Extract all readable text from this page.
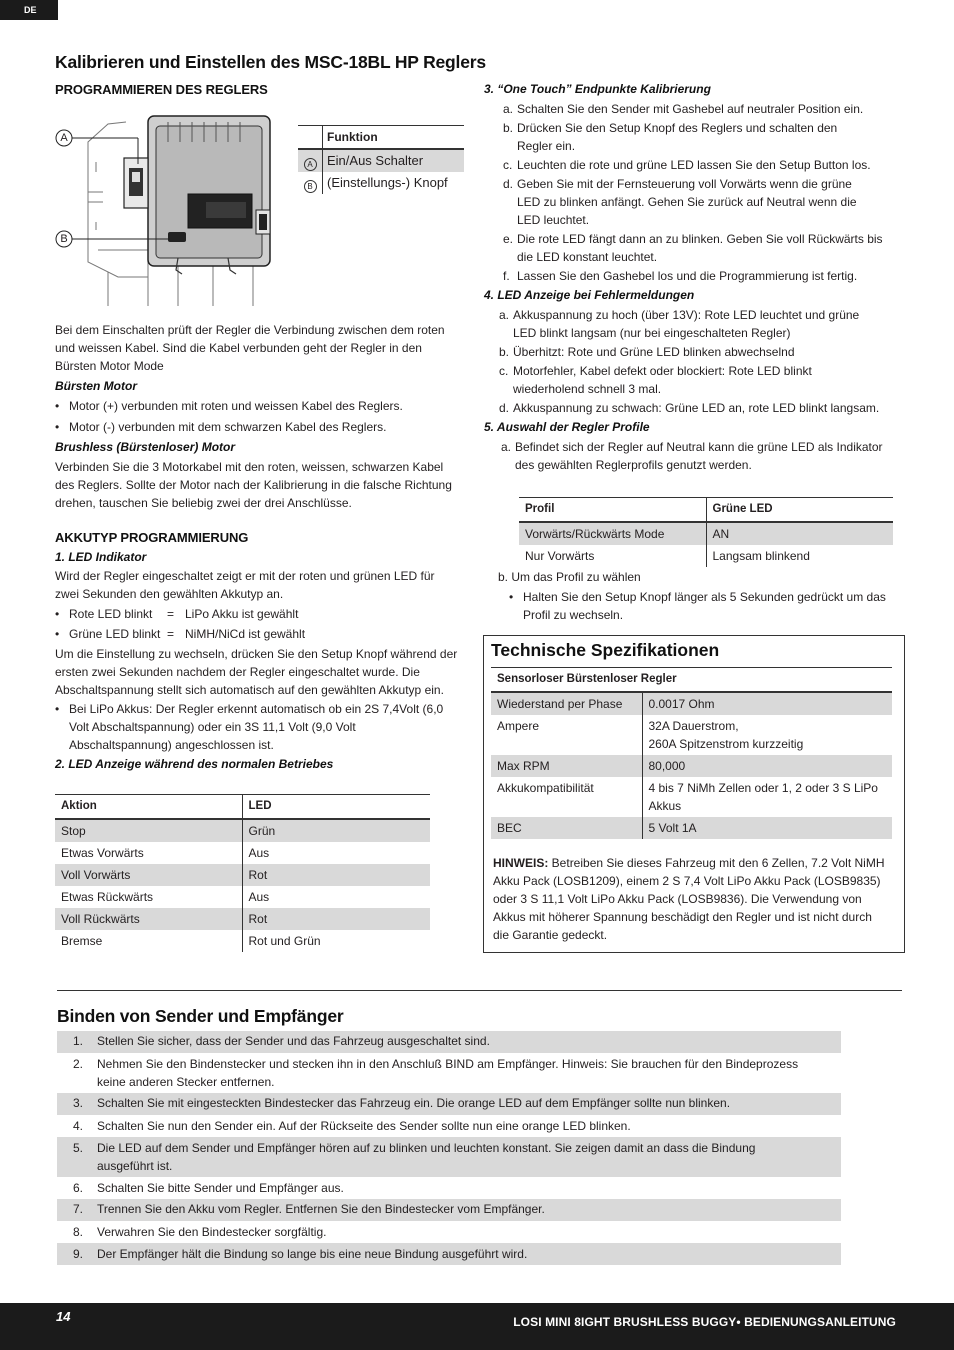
DE
Kalibrieren und Einstellen des MSC-18BL HP Reglers
PROGRAMMIEREN DES REGLERS
A
B
Funktion
A	Ein/Aus Schalter
B	(Einstellungs-) Knopf

Bei dem Einschalten prüft der Regler die Verbindung zwischen dem roten und weissen Kabel. Sind die Kabel verbunden geht der Regler in den Bürsten Motor Mode

Bürsten Motor

• Motor (+) verbunden mit roten und weissen Kabel des Reglers.

• Motor (-) verbunden mit dem schwarzen Kabel des Reglers.

Brushless (Bürstenloser) Motor

Verbinden Sie die 3 Motorkabel mit den roten, weissen, schwarzen Kabel des Reglers. Sollte der Motor nach der Kalibrierung in die falsche Richtung drehen, tauschen Sie beliebig zwei der drei Anschlüsse.

AKKUTYP PROGRAMMIERUNG
1. LED Indikator

Wird der Regler eingeschaltet zeigt er mit der roten und grünen LED für zwei Sekunden den gewählten Akkutyp an.

• Rote LED blinkt = LiPo Akku ist gewählt

• Grüne LED blinkt = NiMH/NiCd ist gewählt

Um die Einstellung zu wechseln, drücken Sie den Setup Knopf während der ersten zwei Sekunden nachdem der Regler eingeschaltet wurde. Die Abschaltspannung stellt sich automatisch auf den gewählten Akkutyp ein.

• Bei LiPo Akkus: Der Regler erkennt automatisch ob ein 2S 7,4Volt (6,0 Volt Abschaltspannung) oder ein 3S 11,1 Volt (9,0 Volt Abschaltspannung) angeschlossen ist.

2. LED Anzeige während des normalen Betriebes
Aktion	LED
Stop	Grün
Etwas Vorwärts	Aus
Voll Vorwärts	Rot
Etwas Rückwärts	Aus
Voll Rückwärts	Rot
Bremse	Rot und Grün
3. “One Touch” Endpunkte Kalibrierung

a. Schalten Sie den Sender mit Gashebel auf neutraler Position ein.

b. Drücken Sie den Setup Knopf des Reglers und schalten den Regler ein.

c. Leuchten die rote und grüne LED lassen Sie den Setup Button los.

d. Geben Sie mit der Fernsteuerung voll Vorwärts wenn die grüne LED zu blinken anfängt. Gehen Sie zurück auf Neutral wenn die LED leuchtet.

e. Die rote LED fängt dann an zu blinken. Geben Sie voll Rückwärts bis die LED konstant leuchtet.

f. Lassen Sie den Gashebel los und die Programmierung ist fertig.

4. LED Anzeige bei Fehlermeldungen

a. Akkuspannung zu hoch (über 13V): Rote LED leuchtet und grüne LED blinkt langsam (nur bei eingeschalteten Regler)

b. Überhitzt: Rote und Grüne LED blinken abwechselnd

c. Motorfehler, Kabel defekt oder blockiert: Rote LED blinkt wiederholend schnell 3 mal.

d. Akkuspannung zu schwach: Grüne LED an, rote LED blinkt langsam.

5. Auswahl der Regler Profile

a. Befindet sich der Regler auf Neutral kann die grüne LED als Indikator des gewählten Reglerprofils genutzt werden.

Profil	Grüne LED
Vorwärts/Rückwärts Mode	AN
Nur Vorwärts	Langsam blinkend

b. Um das Profil zu wählen

• Halten Sie den Setup Knopf länger als 5 Sekunden gedrückt um das Profil zu wechseln.

Technische Spezifikationen
Sensorloser Bürstenloser Regler	
Wiederstand per Phase	0.0017 Ohm
Ampere	32A Dauerstrom,
260A Spitzenstrom kurzzeitig
Max RPM	80,000
Akkukompatibilität	4 bis 7 NiMh Zellen oder 1, 2 oder 3 S LiPo Akkus
BEC	5 Volt 1A

HINWEIS: Betreiben Sie dieses Fahrzeug mit den 6 Zellen, 7.2 Volt NiMH Akku Pack (LOSB1209), einem 2 S 7,4 Volt LiPo Akku Pack (LOSB9835) oder 3 S 11,1 Volt LiPo Akku Pack (LOSB9836). Die Verwendung von Akkus mit höherer Spannung beschädigt den Regler und ist nicht durch die Garantie gedeckt.

Binden von Sender und Empfänger
1. Stellen Sie sicher, dass der Sender und das Fahrzeug ausgeschaltet sind.
2. Nehmen Sie den Bindenstecker und stecken ihn in den Anschluß BIND am Empfänger. Hinweis: Sie brauchen für den Bindeprozess keine anderen Stecker entfernen.
3. Schalten Sie mit eingesteckten Bindestecker das Fahrzeug ein. Die orange LED auf dem Empfänger sollte nun blinken.
4. Schalten Sie nun den Sender ein. Auf der Rückseite des Sender sollte nun eine orange LED blinken.
5. Die LED auf dem Sender und Empfänger hören auf zu blinken und leuchten konstant. Sie zeigen damit an dass die Bindung ausgeführt ist.
6. Schalten Sie bitte Sender und Empfänger aus.
7. Trennen Sie den Akku vom Regler. Entfernen Sie den Bindestecker vom Empfänger.
8. Verwahren Sie den Bindestecker sorgfältig.
9. Der Empfänger hält die Bindung so lange bis eine neue Bindung ausgeführt wird.
14	LOSI MINI 8IGHT BRUSHLESS BUGGY• BEDIENUNGSANLEITUNG
